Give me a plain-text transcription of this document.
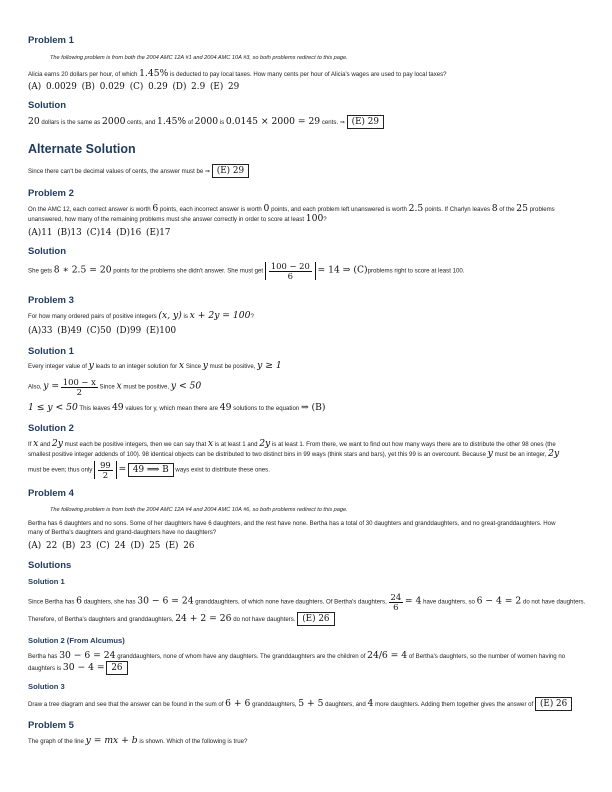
Problem 1
The following problem is from both the 2004 AMC 12A #1 and 2004 AMC 10A #3, so both problems redirect to this page.
Alicia earns 20 dollars per hour, of which 1.45% is deducted to pay local taxes. How many cents per hour of Alicia's wages are used to pay local taxes?
(A) 0.0029 (B) 0.029 (C) 0.29 (D) 2.9 (E) 29
Solution
20 dollars is the same as 2000 cents, and 1.45% of 2000 is 0.0145 × 2000 = 29 cents. ⇒ (E) 29
Alternate Solution
Since there can't be decimal values of cents, the answer must be ⇒ (E) 29
Problem 2
On the AMC 12, each correct answer is worth 6 points, each incorrect answer is worth 0 points, and each problem left unanswered is worth 2.5 points. If Charlyn leaves 8 of the 25 problems
unanswered, how many of the remaining problems must she answer correctly in order to score at least 100?
(A)11 (B)13 (C)14 (D)16 (E)17
Solution
She gets 8 ∗ 2.5 = 20 points for the problems she didn't answer. She must get $\frac{100 - 20}{6} = 14$ ⇒ (C)problems right to score at least 100.
Problem 3
For how many ordered pairs of positive integers (x, y) is x + 2y = 100?
(A)33 (B)49 (C)50 (D)99 (E)100
Solution 1
Every integer value of y leads to an integer solution for x Since y must be positive, y ≥ 1
Also, $y = \frac{100 - x}{2}$ Since x must be positive, y < 50
1 ≤ y < 50 This leaves 49 values for y, which mean there are 49 solutions to the equation ⇒ (B)
Solution 2
If x and 2y must each be positive integers, then we can say that x is at least 1 and 2y is at least 1. From there, we want to find out how many ways there are to distribute the other 98 ones (the
smallest positive integer addends of 100). 98 identical objects can be distributed to two distinct bins in 99 ways (think stars and bars), yet this 99 is an overcount. Because y must be an integer, 2y
must be even; thus only $\frac{99}{2} = 49$ ⟹ B ways exist to distribute these ones.
Problem 4
The following problem is from both the 2004 AMC 12A #4 and 2004 AMC 10A #6, so both problems redirect to this page.
Bertha has 6 daughters and no sons. Some of her daughters have 6 daughters, and the rest have none. Bertha has a total of 30 daughters and granddaughters, and no great-granddaughters. How
many of Bertha's daughters and grand-daughters have no daughters?
(A) 22 (B) 23 (C) 24 (D) 25 (E) 26
Solutions
Solution 1
Since Bertha has 6 daughters, she has 30 − 6 = 24 granddaughters, of which none have daughters. Of Bertha's daughters, $\frac{24}{6} = 4$ have daughters, so 6 − 4 = 2 do not have daughters.
Therefore, of Bertha's daughters and granddaughters, 24 + 2 = 26 do not have daughters. (E) 26
Solution 2 (From Alcumus)
Bertha has 30 − 6 = 24 granddaughters, none of whom have any daughters. The granddaughters are the children of 24/6 = 4 of Bertha's daughters, so the number of women having no
daughters is 30 − 4 = 26
Solution 3
Draw a tree diagram and see that the answer can be found in the sum of 6 + 6 granddaughters, 5 + 5 daughters, and 4 more daughters. Adding them together gives the answer of (E) 26
Problem 5
The graph of the line y = mx + b is shown. Which of the following is true?
